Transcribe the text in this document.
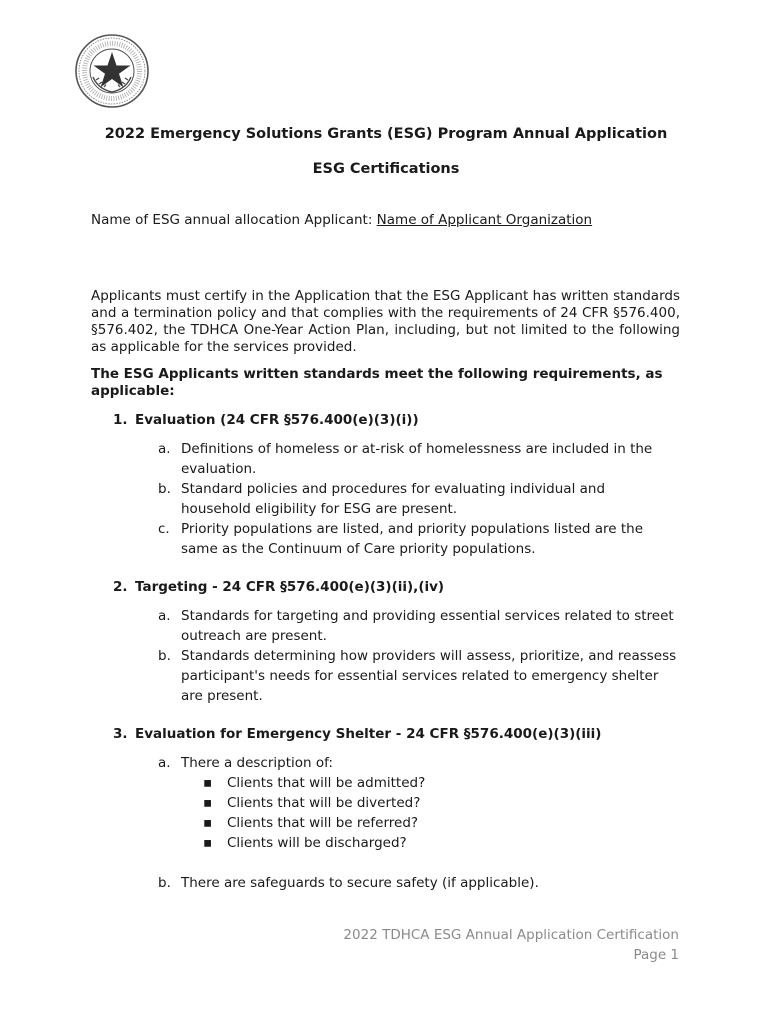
2022 Emergency Solutions Grants (ESG) Program Annual Application
ESG Certifications
Name of ESG annual allocation Applicant: Name of Applicant Organization
Applicants must certify in the Application that the ESG Applicant has written standards and a termination policy and that complies with the requirements of 24 CFR §576.400, §576.402, the TDHCA One-Year Action Plan, including, but not limited to the following as applicable for the services provided.
The ESG Applicants written standards meet the following requirements, as applicable:
1. Evaluation (24 CFR §576.400(e)(3)(i))
a. Definitions of homeless or at-risk of homelessness are included in the evaluation.
b. Standard policies and procedures for evaluating individual and household eligibility for ESG are present.
c. Priority populations are listed, and priority populations listed are the same as the Continuum of Care priority populations.
2. Targeting - 24 CFR §576.400(e)(3)(ii),(iv)
a. Standards for targeting and providing essential services related to street outreach are present.
b. Standards determining how providers will assess, prioritize, and reassess participant's needs for essential services related to emergency shelter are present.
3. Evaluation for Emergency Shelter - 24 CFR §576.400(e)(3)(iii)
a. There a description of:
▪ Clients that will be admitted?
▪ Clients that will be diverted?
▪ Clients that will be referred?
▪ Clients will be discharged?
b. There are safeguards to secure safety (if applicable).
2022 TDHCA ESG Annual Application Certification
Page 1
